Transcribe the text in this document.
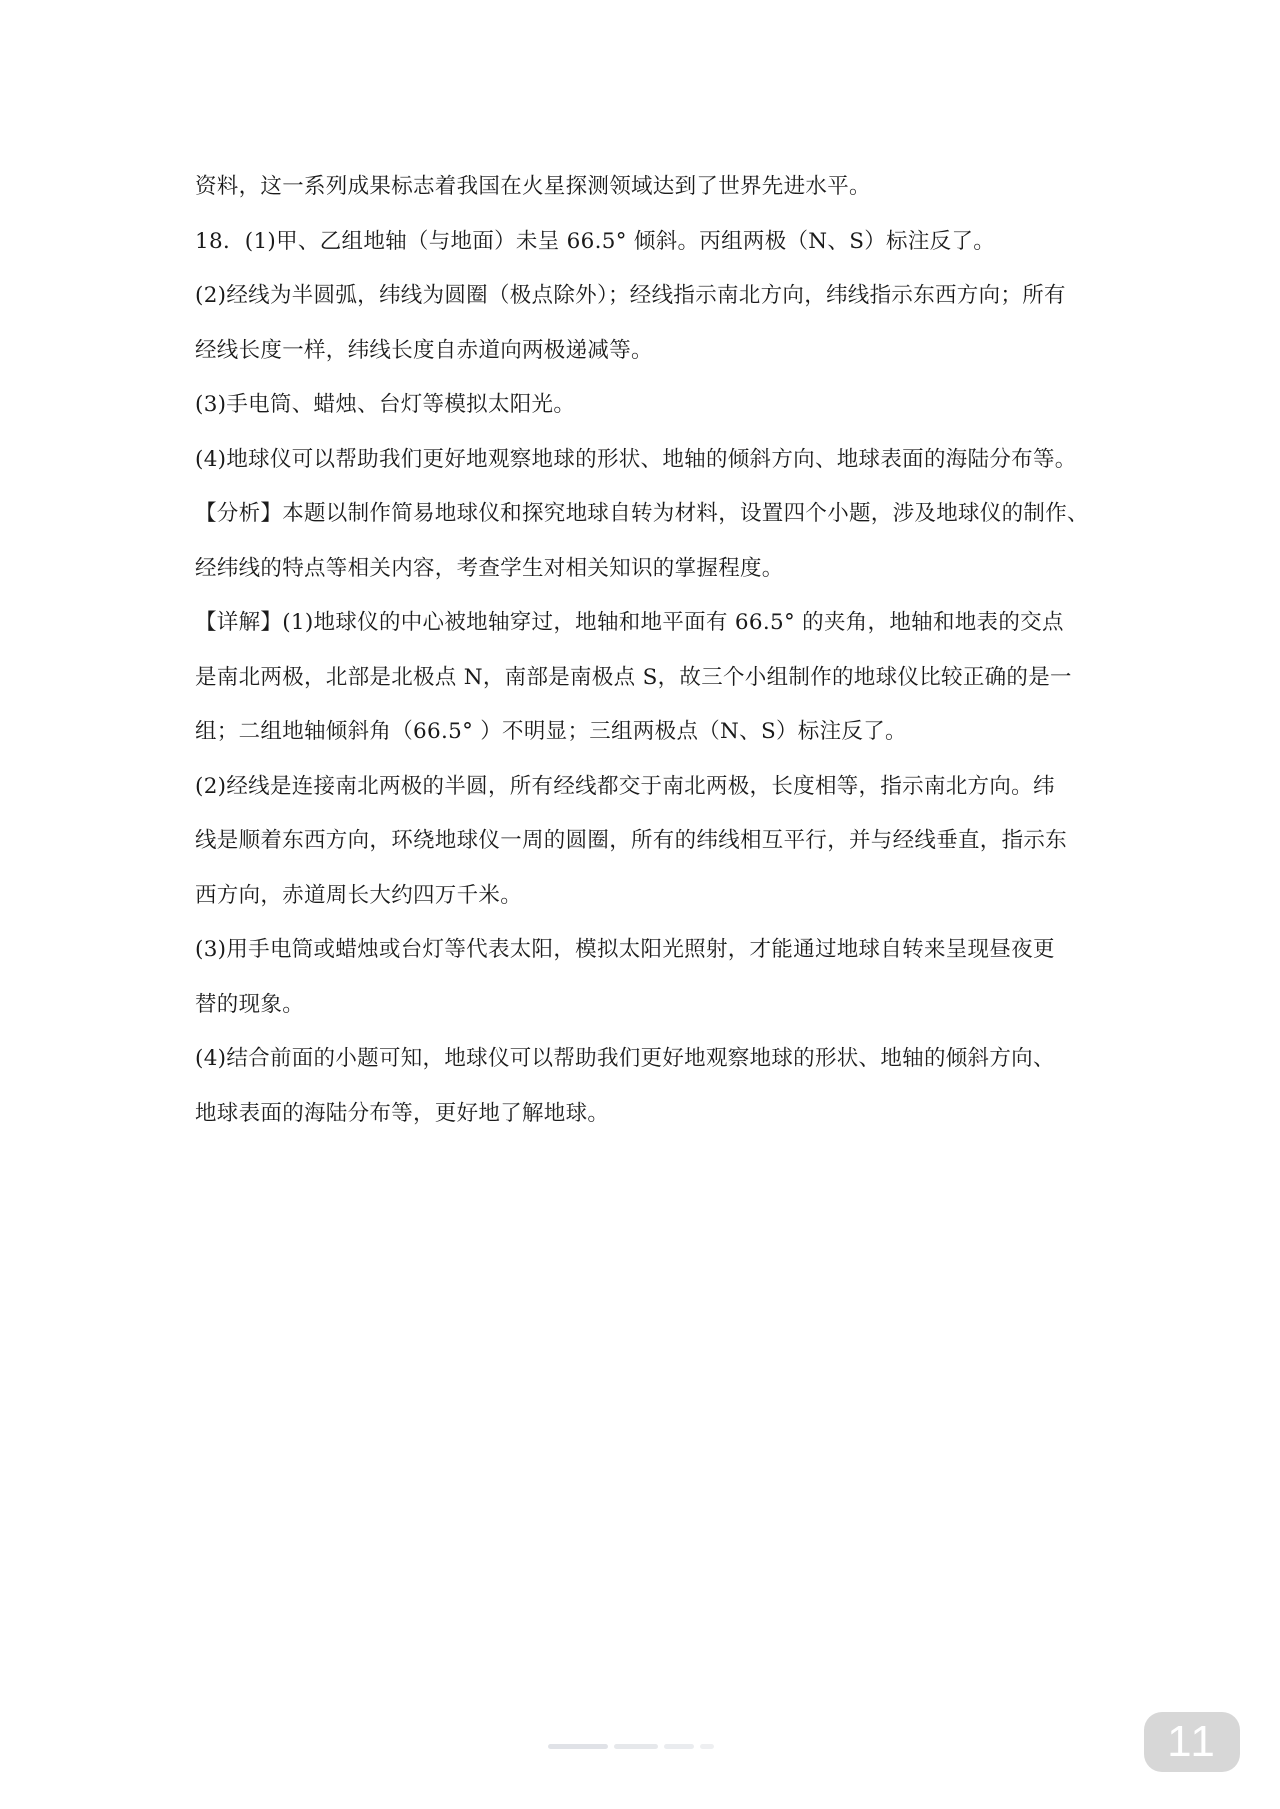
资料，这一系列成果标志着我国在火星探测领域达到了世界先进水平。
18．(1)甲、乙组地轴（与地面）未呈 66.5° 倾斜。丙组两极（N、S）标注反了。
(2)经线为半圆弧，纬线为圆圈（极点除外）；经线指示南北方向，纬线指示东西方向；所有
经线长度一样，纬线长度自赤道向两极递减等。
(3)手电筒、蜡烛、台灯等模拟太阳光。
(4)地球仪可以帮助我们更好地观察地球的形状、地轴的倾斜方向、地球表面的海陆分布等。
【分析】本题以制作简易地球仪和探究地球自转为材料，设置四个小题，涉及地球仪的制作、
经纬线的特点等相关内容，考查学生对相关知识的掌握程度。
【详解】(1)地球仪的中心被地轴穿过，地轴和地平面有 66.5° 的夹角，地轴和地表的交点
是南北两极，北部是北极点 N，南部是南极点 S，故三个小组制作的地球仪比较正确的是一
组；二组地轴倾斜角（66.5° ）不明显；三组两极点（N、S）标注反了。
(2)经线是连接南北两极的半圆，所有经线都交于南北两极，长度相等，指示南北方向。纬
线是顺着东西方向，环绕地球仪一周的圆圈，所有的纬线相互平行，并与经线垂直，指示东
西方向，赤道周长大约四万千米。
(3)用手电筒或蜡烛或台灯等代表太阳，模拟太阳光照射，才能通过地球自转来呈现昼夜更
替的现象。
(4)结合前面的小题可知，地球仪可以帮助我们更好地观察地球的形状、地轴的倾斜方向、
地球表面的海陆分布等，更好地了解地球。
11
